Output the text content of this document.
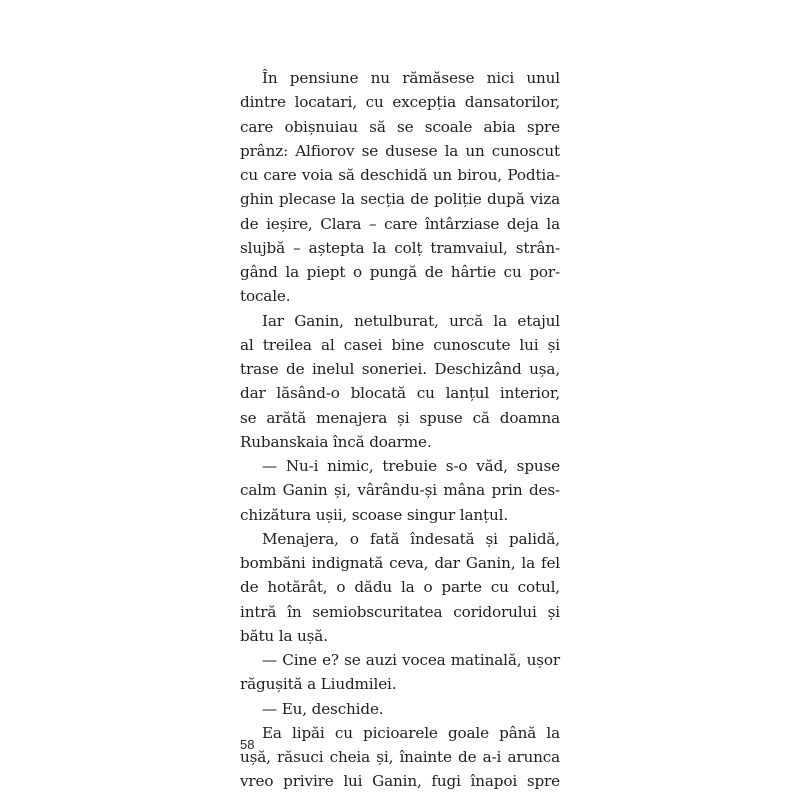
În pensiune nu rămăsese nici unul
dintre locatari, cu excepția dansatorilor,
care obișnuiau să se scoale abia spre
prânz: Alfiorov se dusese la un cunoscut
cu care voia să deschidă un birou, Podtia-
ghin plecase la secția de poliție după viza
de ieșire, Clara – care întârziase deja la
slujbă – aștepta la colț tramvaiul, strân-
gând la piept o pungă de hârtie cu por-
tocale.
Iar Ganin, netulburat, urcă la etajul
al treilea al casei bine cunoscute lui și
trase de inelul soneriei. Deschizând ușa,
dar lăsând-o blocată cu lanțul interior,
se arătă menajera și spuse că doamna
Rubanskaia încă doarme.
— Nu-i nimic, trebuie s-o văd, spuse
calm Ganin și, vârându-și mâna prin des-
chizătura ușii, scoase singur lanțul.
Menajera, o fată îndesată și palidă,
bombăni indignată ceva, dar Ganin, la fel
de hotărât, o dădu la o parte cu cotul,
intră în semiobscuritatea coridorului și
bătu la ușă.
— Cine e? se auzi vocea matinală, ușor
răgușită a Liudmilei.
— Eu, deschide.
Ea lipăi cu picioarele goale până la
ușă, răsuci cheia și, înainte de a-i arunca
vreo privire lui Ganin, fugi înapoi spre
58
